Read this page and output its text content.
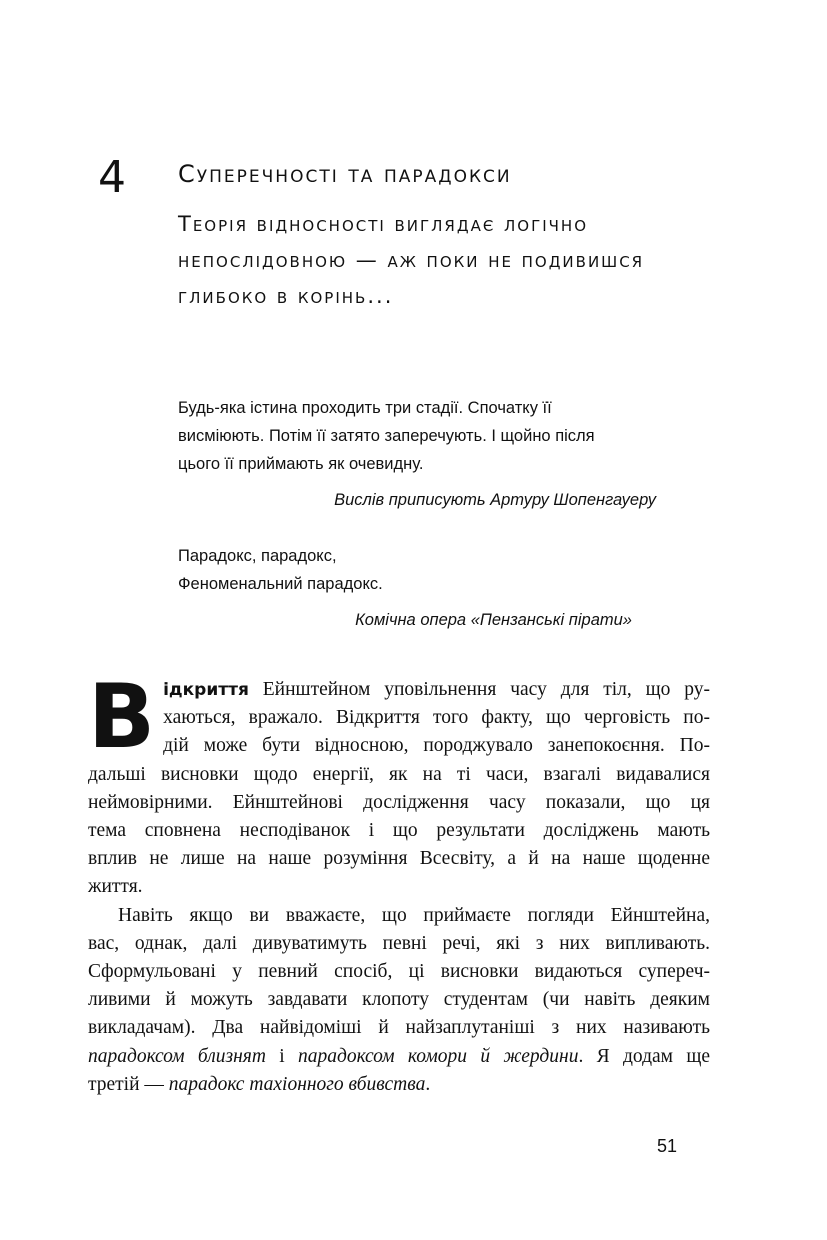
4 Суперечності та парадокси
Теорія відносності виглядає логічно
непослідовною — аж поки не подивишся
глибоко в корінь...
Будь-яка істина проходить три стадії. Спочатку її
висміюють. Потім її затято заперечують. І щойно після
цього її приймають як очевидну.
Вислів приписують Артуру Шопенгауеру
Парадокс, парадокс,
Феноменальний парадокс.
Комічна опера «Пензанські пірати»

В ідкриття Ейнштейном уповільнення часу для тіл, що ру-
хаються, вражало. Відкриття того факту, що черговість по-
дій може бути відносною, породжувало занепокоєння. По-
дальші висновки щодо енергії, як на ті часи, взагалі видавалися
неймовірними. Ейнштейнові дослідження часу показали, що ця
тема сповнена несподіванок і що результати досліджень мають
вплив не лише на наше розуміння Всесвіту, а й на наше щоденне
життя.

Навіть якщо ви вважаєте, що приймаєте погляди Ейнштейна,
вас, однак, далі дивуватимуть певні речі, які з них випливають.
Сформульовані у певний спосіб, ці висновки видаються супереч-
ливими й можуть завдавати клопоту студентам (чи навіть деяким
викладачам). Два найвідоміші й найзаплутаніші з них називають
парадоксом близнят і парадоксом комори й жердини. Я додам ще
третій — парадокс тахіонного вбивства.

51
